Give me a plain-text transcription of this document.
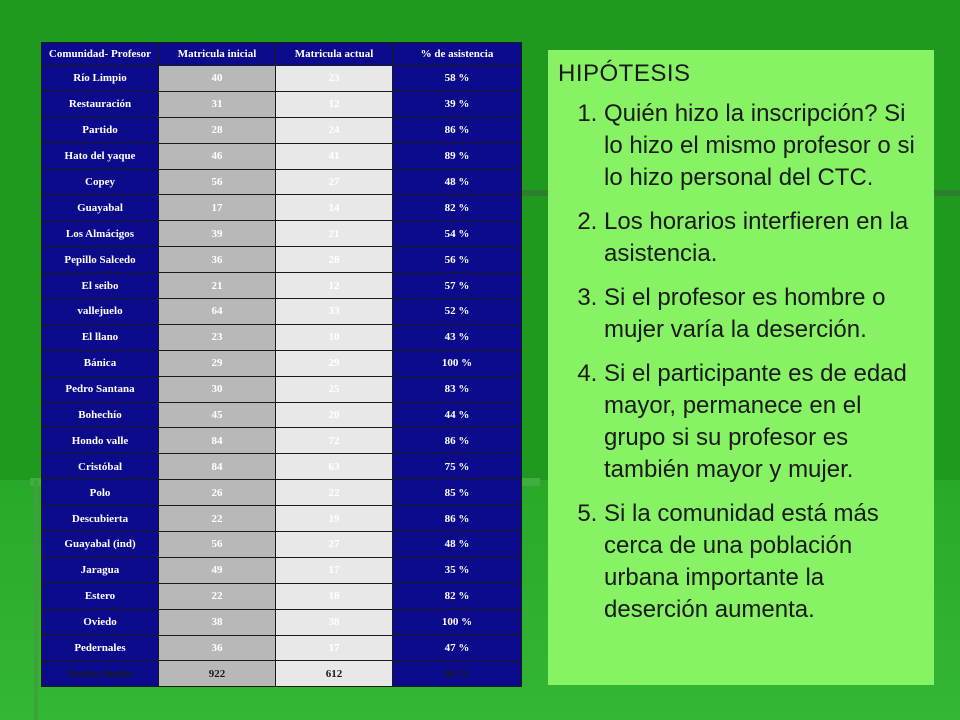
Comunidad- Profesor	Matricula inicial	Matricula actual	% de asistencia
Río Limpio	40	23	58 %
Restauración	31	12	39 %
Partido	28	24	86 %
Hato del yaque	46	41	89 %
Copey	56	27	48 %
Guayabal	17	14	82 %
Los Almácigos	39	21	54 %
Pepillo Salcedo	36	28	56 %
El seibo	21	12	57 %
vallejuelo	64	33	52 %
El llano	23	10	43 %
Bánica	29	29	100 %
Pedro Santana	30	25	83 %
Bohechío	45	20	44 %
Hondo valle	84	72	86 %
Cristóbal	84	63	75 %
Polo	26	22	85 %
Descubierta	22	19	86 %
Guayabal (ind)	56	27	48 %
Jaragua	49	17	35 %
Estero	22	18	82 %
Oviedo	38	38	100 %
Pedernales	36	17	47 %
Totales finales	922	612	66 %
HIPÓTESIS
1. Quién hizo la inscripción? Si lo hizo el mismo profesor o si lo hizo personal del CTC.
2. Los horarios interfieren en la asistencia.
3. Si el profesor es hombre o mujer varía la deserción.
4. Si el participante es de edad mayor, permanece en el grupo si su profesor es también mayor y mujer.
5. Si la comunidad está más cerca de una población urbana importante la deserción aumenta.
